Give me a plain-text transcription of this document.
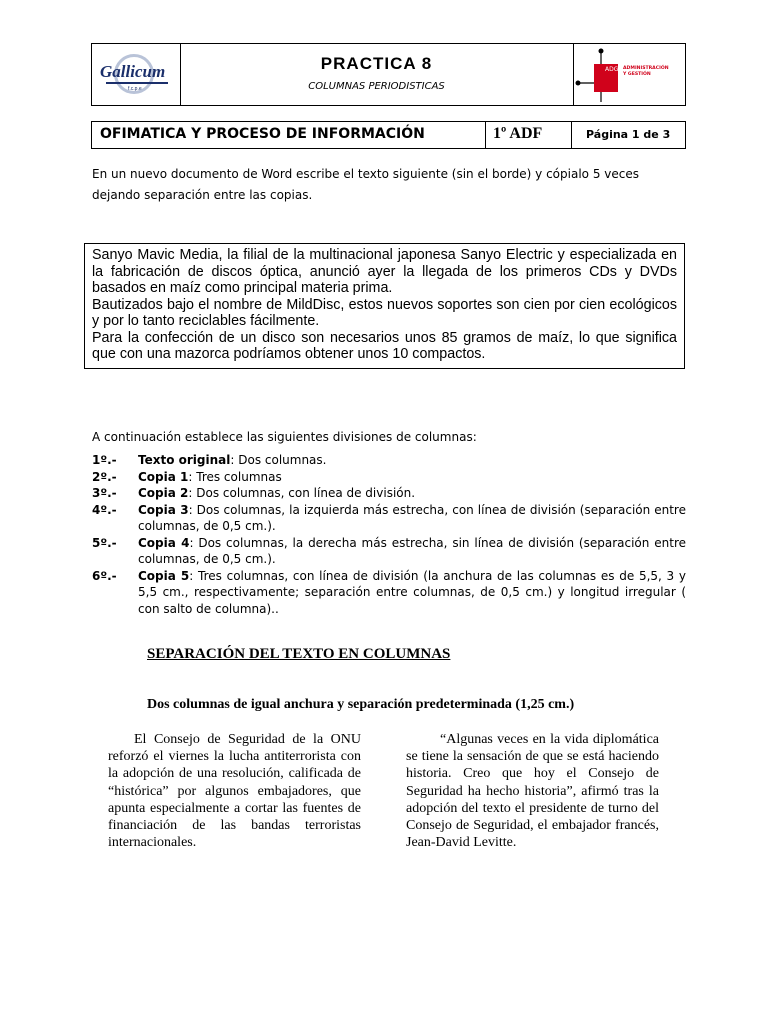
Gallicum
f.c.p.e
PRACTICA 8
COLUMNAS PERIODISTICAS
ADG ADMINISTRACIÓN
Y GESTIÓN
OFIMATICA Y PROCESO DE INFORMACIÓN	1º ADF	Página 1 de 3
En un nuevo documento de Word escribe el texto siguiente (sin el borde) y cópialo 5 veces dejando separación entre las copias.

Sanyo Mavic Media, la filial de la multinacional japonesa Sanyo Electric y especializada en la fabricación de discos óptica, anunció ayer la llegada de los primeros CDs y DVDs basados en maíz como principal materia prima.

Bautizados bajo el nombre de MildDisc, estos nuevos soportes son cien por cien ecológicos y por lo tanto reciclables fácilmente.

Para la confección de un disco son necesarios unos 85 gramos de maíz, lo que significa que con una mazorca podríamos obtener unos 10 compactos.

A continuación establece las siguientes divisiones de columnas:
1º.- Texto original: Dos columnas.
2º.- Copia 1: Tres columnas
3º.- Copia 2: Dos columnas, con línea de división.
4º.- Copia 3: Dos columnas, la izquierda más estrecha, con línea de división (separación entre columnas, de 0,5 cm.).
5º.- Copia 4: Dos columnas, la derecha más estrecha, sin línea de división (separación entre columnas, de 0,5 cm.).
6º.- Copia 5: Tres columnas, con línea de división (la anchura de las columnas es de 5,5, 3 y 5,5 cm., respectivamente; separación entre columnas, de 0,5 cm.) y longitud irregular ( con salto de columna)..
SEPARACIÓN DEL TEXTO EN COLUMNAS
Dos columnas de igual anchura y separación predeterminada (1,25 cm.)

El Consejo de Seguridad de la ONU reforzó el viernes la lucha antiterrorista con la adopción de una resolución, calificada de “histórica” por algunos embajadores, que apunta especialmente a cortar las fuentes de financiación de las bandas terroristas internacionales.

“Algunas veces en la vida diplomática se tiene la sensación de que se está haciendo historia. Creo que hoy el Consejo de Seguridad ha hecho historia”, afirmó tras la adopción del texto el presidente de turno del Consejo de Seguridad, el embajador francés, Jean-David Levitte.
